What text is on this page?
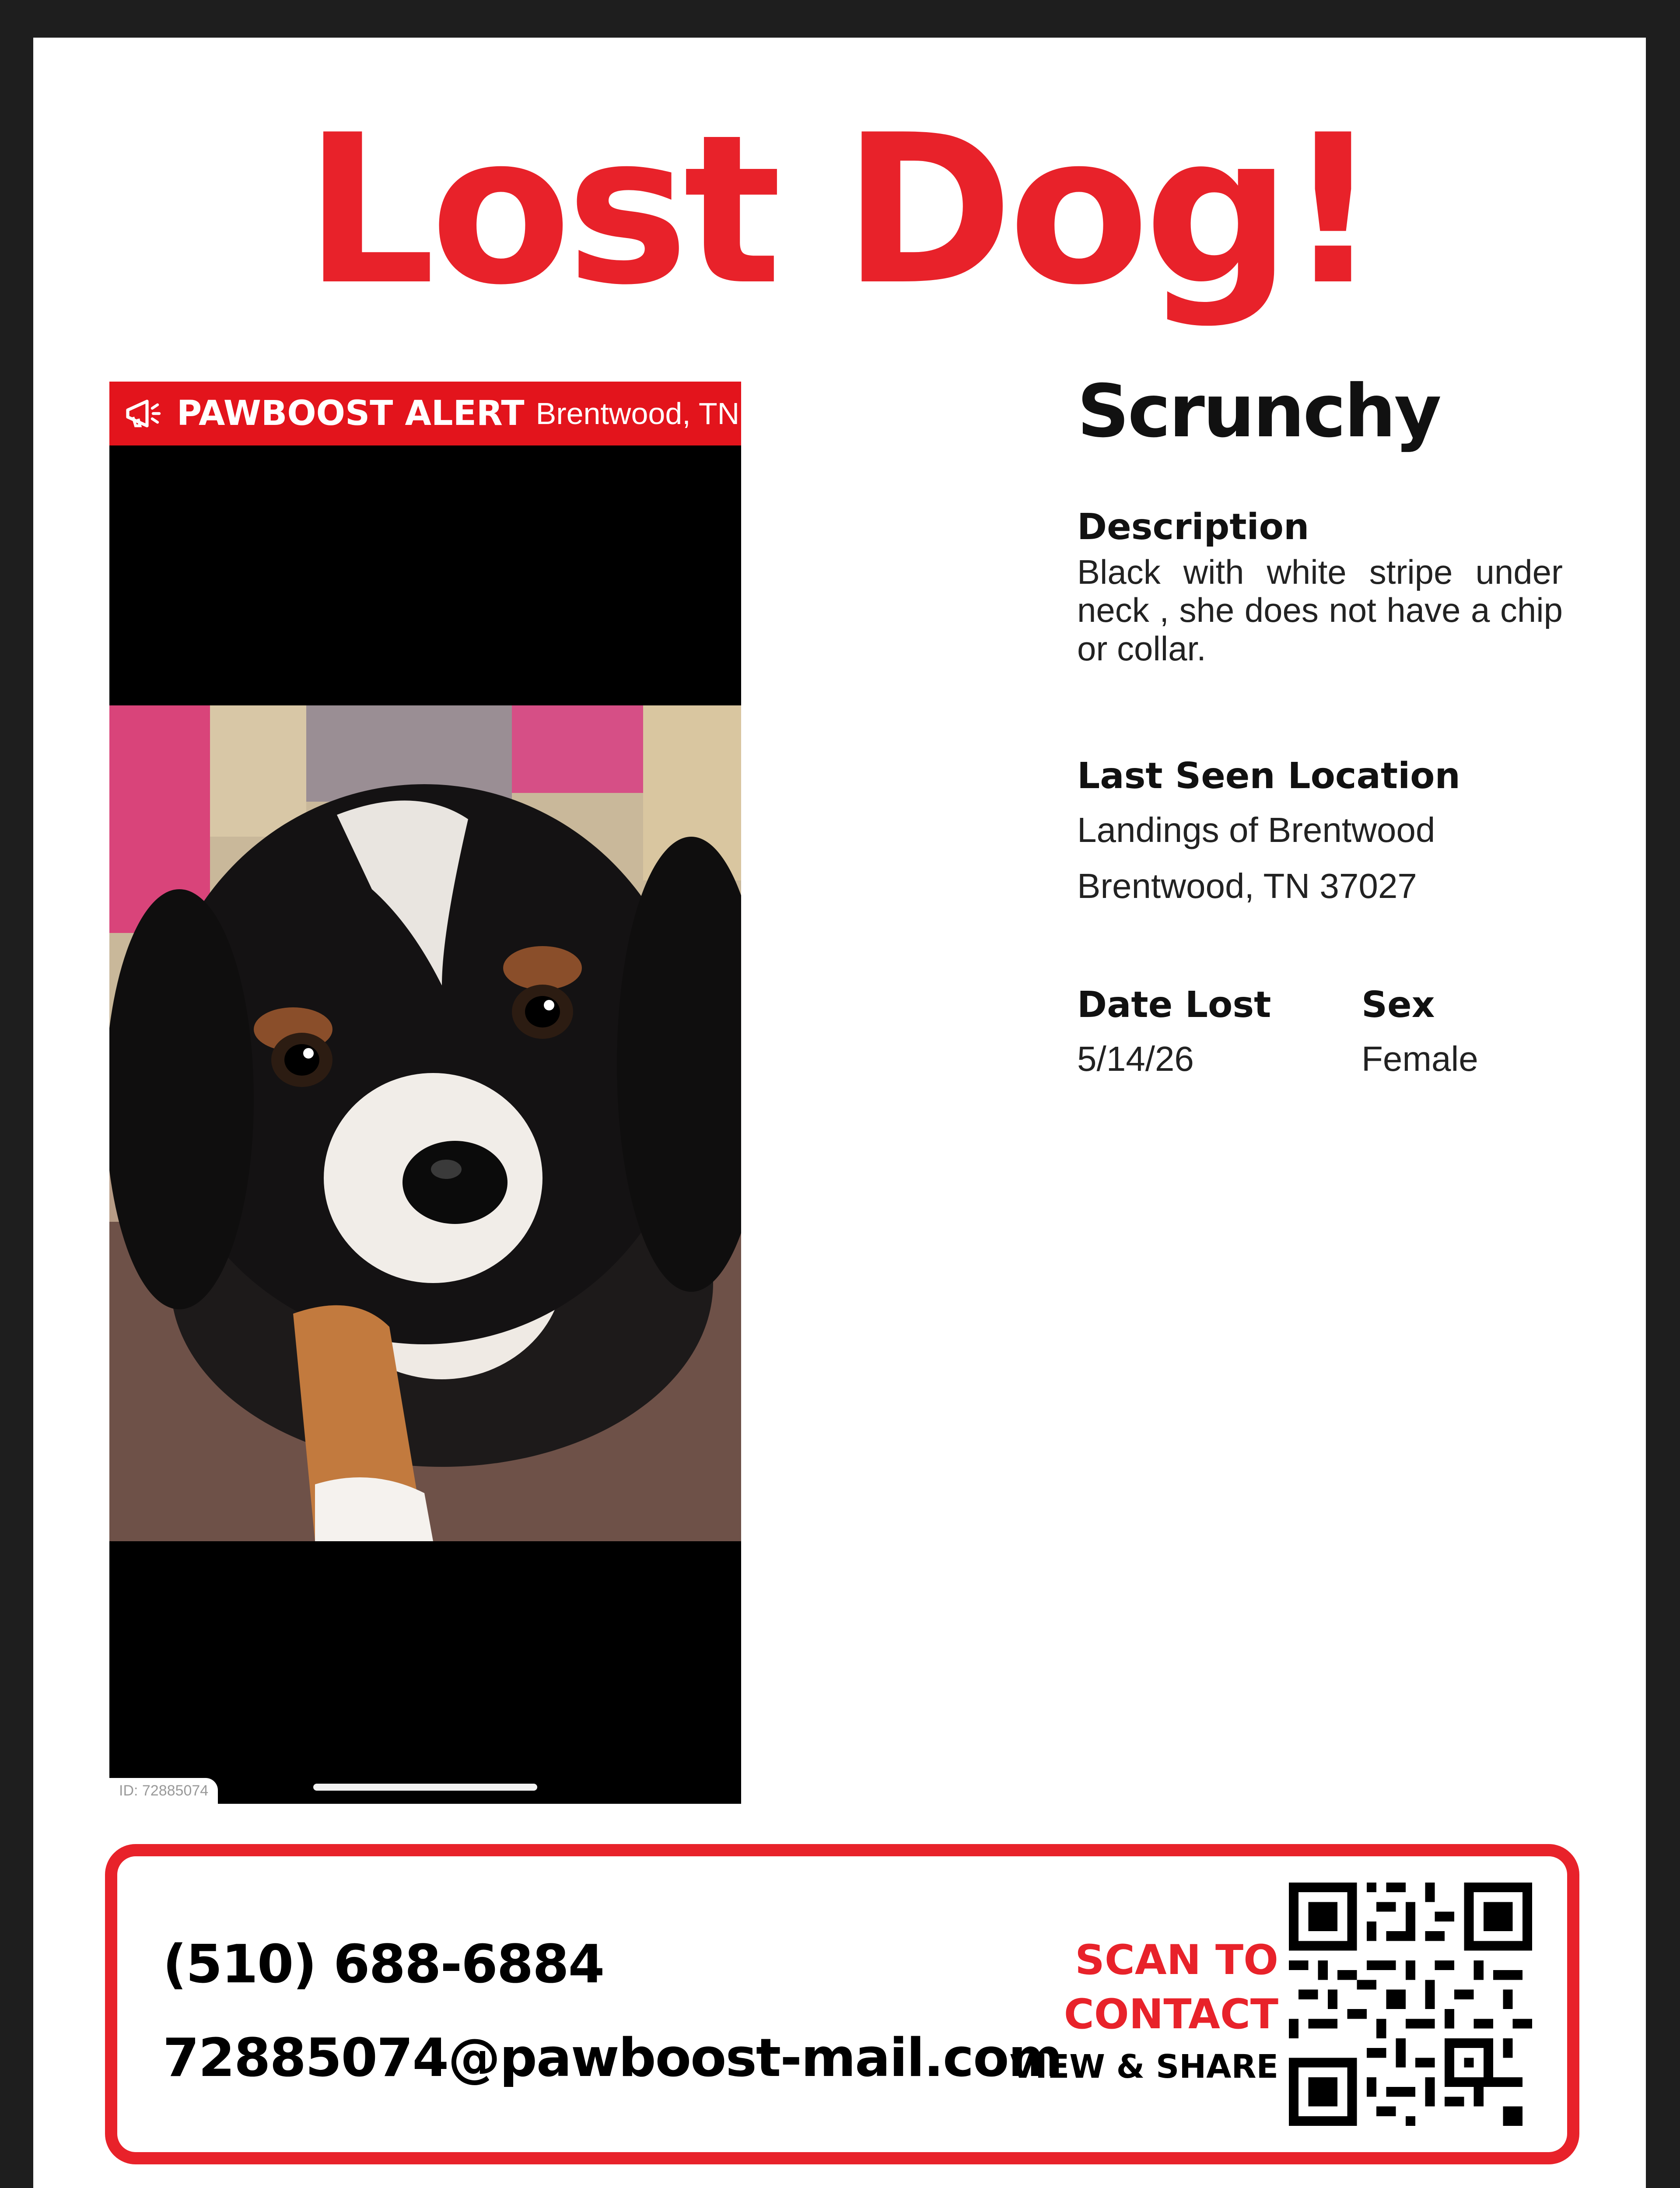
Lost Dog!
PAWBOOST ALERT Brentwood, TN
ID: 72885074
Scrunchy
Description

Black with white stripe under neck , she does not have a chip or collar.

Last Seen Location
Landings of Brentwood
Brentwood, TN 37027
Date Lost
5/14/26
Sex
Female
(510) 688-6884
72885074@pawboost-mail.com
SCAN TO
CONTACT
VIEW & SHARE
